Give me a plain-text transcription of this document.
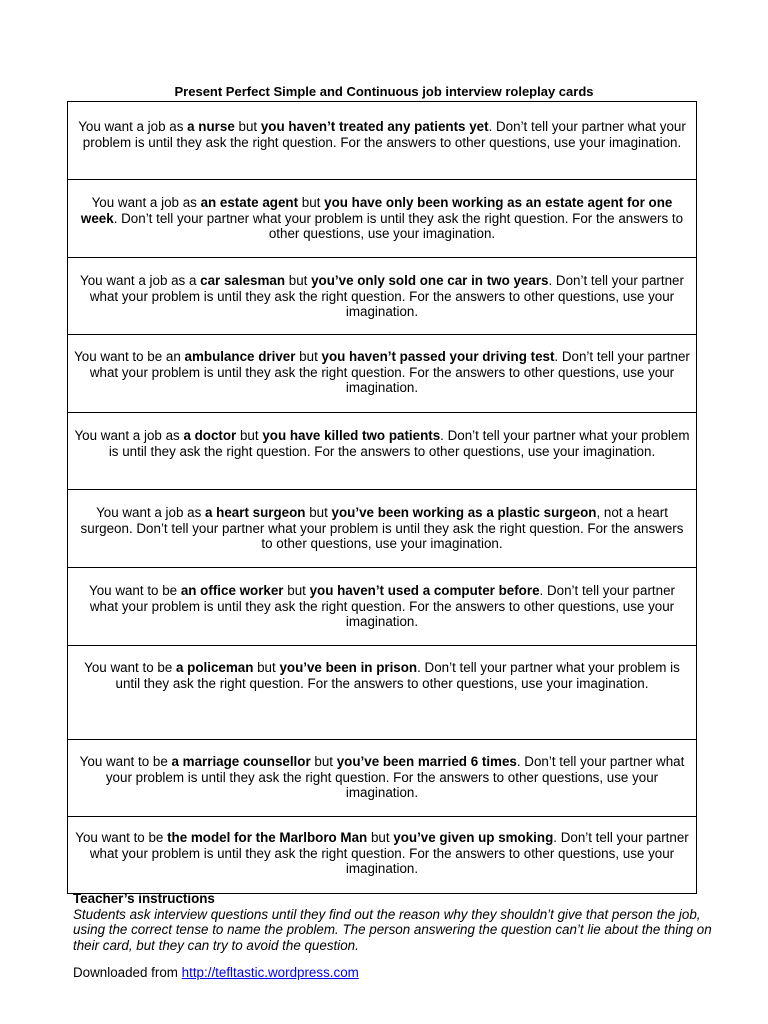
Present Perfect Simple and Continuous job interview roleplay cards

You want a job as a nurse but you haven’t treated any patients yet. Don’t tell your partner what your problem is until they ask the right question. For the answers to other questions, use your imagination.

You want a job as an estate agent but you have only been working as an estate agent for one week. Don’t tell your partner what your problem is until they ask the right question. For the answers to other questions, use your imagination.

You want a job as a car salesman but you’ve only sold one car in two years. Don’t tell your partner what your problem is until they ask the right question. For the answers to other questions, use your imagination.

You want to be an ambulance driver but you haven’t passed your driving test. Don’t tell your partner what your problem is until they ask the right question. For the answers to other questions, use your imagination.

You want a job as a doctor but you have killed two patients. Don’t tell your partner what your problem is until they ask the right question. For the answers to other questions, use your imagination.

You want a job as a heart surgeon but you’ve been working as a plastic surgeon, not a heart surgeon. Don’t tell your partner what your problem is until they ask the right question. For the answers to other questions, use your imagination.

You want to be an office worker but you haven’t used a computer before. Don’t tell your partner what your problem is until they ask the right question. For the answers to other questions, use your imagination.

You want to be a policeman but you’ve been in prison. Don’t tell your partner what your problem is until they ask the right question. For the answers to other questions, use your imagination.

You want to be a marriage counsellor but you’ve been married 6 times. Don’t tell your partner what your problem is until they ask the right question. For the answers to other questions, use your imagination.

You want to be the model for the Marlboro Man but you’ve given up smoking. Don’t tell your partner what your problem is until they ask the right question. For the answers to other questions, use your imagination.

Teacher’s instructions
Students ask interview questions until they find out the reason why they shouldn’t give that person the job, using the correct tense to name the problem. The person answering the question can’t lie about the thing on their card, but they can try to avoid the question.
Downloaded from http://tefltastic.wordpress.com
